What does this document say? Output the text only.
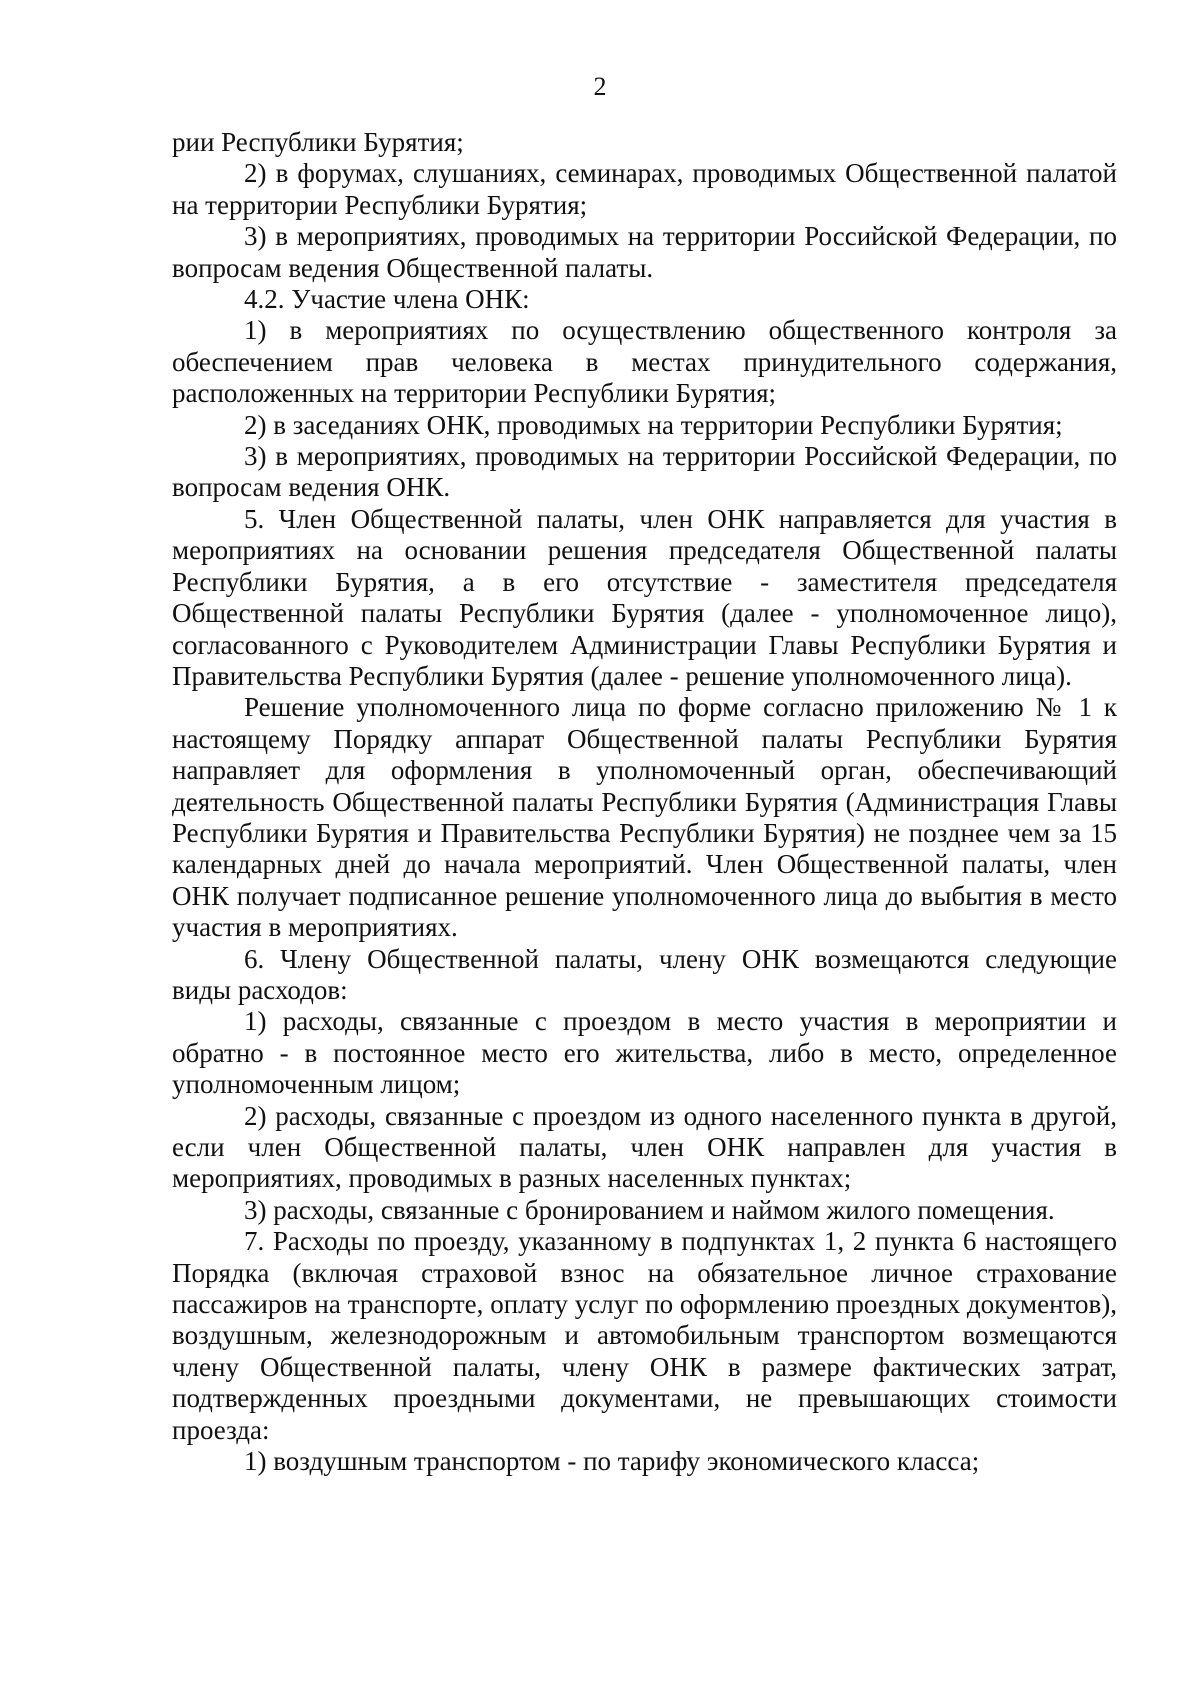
2

рии Республики Бурятия;

2) в форумах, слушаниях, семинарах, проводимых Общественной палатой на территории Республики Бурятия;

3) в мероприятиях, проводимых на территории Российской Федерации, по вопросам ведения Общественной палаты.

4.2. Участие члена ОНК:

1) в мероприятиях по осуществлению общественного контроля за обеспечением прав человека в местах принудительного содержания, расположенных на территории Республики Бурятия;

2) в заседаниях ОНК, проводимых на территории Республики Бурятия;

3) в мероприятиях, проводимых на территории Российской Федерации, по вопросам ведения ОНК.

5. Член Общественной палаты, член ОНК направляется для участия в мероприятиях на основании решения председателя Общественной палаты Республики Бурятия, а в его отсутствие - заместителя председателя Общественной палаты Республики Бурятия (далее - уполномоченное лицо), согласованного с Руководителем Администрации Главы Республики Бурятия и Правительства Республики Бурятия (далее - решение уполномоченного лица).

Решение уполномоченного лица по форме согласно приложению № 1 к настоящему Порядку аппарат Общественной палаты Республики Бурятия направляет для оформления в уполномоченный орган, обеспечивающий деятельность Общественной палаты Республики Бурятия (Администрация Главы Республики Бурятия и Правительства Республики Бурятия) не позднее чем за 15 календарных дней до начала мероприятий. Член Общественной палаты, член ОНК получает подписанное решение уполномоченного лица до выбытия в место участия в мероприятиях.

6. Члену Общественной палаты, члену ОНК возмещаются следующие виды расходов:

1) расходы, связанные с проездом в место участия в мероприятии и обратно - в постоянное место его жительства, либо в место, определенное уполномоченным лицом;

2) расходы, связанные с проездом из одного населенного пункта в другой, если член Общественной палаты, член ОНК направлен для участия в мероприятиях, проводимых в разных населенных пунктах;

3) расходы, связанные с бронированием и наймом жилого помещения.

7. Расходы по проезду, указанному в подпунктах 1, 2 пункта 6 настоящего Порядка (включая страховой взнос на обязательное личное страхование пассажиров на транспорте, оплату услуг по оформлению проездных документов), воздушным, железнодорожным и автомобильным транспортом возмещаются члену Общественной палаты, члену ОНК в размере фактических затрат, подтвержденных проездными документами, не превышающих стоимости проезда:

1) воздушным транспортом - по тарифу экономического класса;
